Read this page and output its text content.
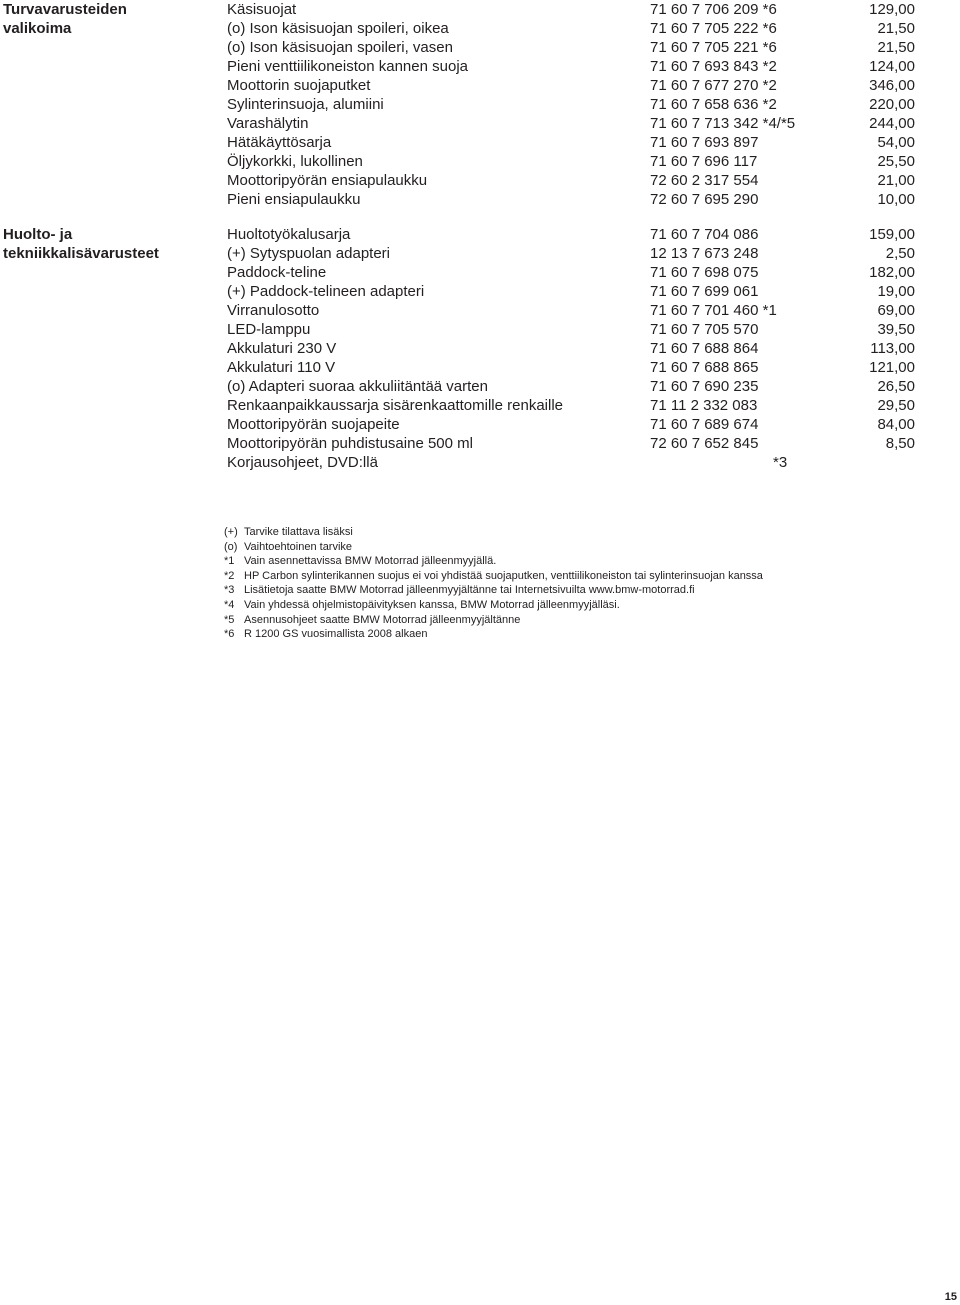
Turvavarusteiden
valikoima
Käsisuojat	71 60 7 706 209 *6	129,00
(o) Ison käsisuojan spoileri, oikea	71 60 7 705 222 *6	21,50
(o) Ison käsisuojan spoileri, vasen	71 60 7 705 221 *6	21,50
Pieni venttiilikoneiston kannen suoja	71 60 7 693 843 *2	124,00
Moottorin suojaputket	71 60 7 677 270 *2	346,00
Sylinterinsuoja, alumiini	71 60 7 658 636 *2	220,00
Varashälytin	71 60 7 713 342 *4/*5	244,00
Hätäkäyttösarja	71 60 7 693 897	54,00
Öljykorkki, lukollinen	71 60 7 696 117	25,50
Moottoripyörän ensiapulaukku	72 60 2 317 554	21,00
Pieni ensiapulaukku	72 60 7 695 290	10,00
Huolto- ja
tekniikkalisävarusteet
Huoltotyökalusarja	71 60 7 704 086	159,00
(+) Sytyspuolan adapteri	12 13 7 673 248	2,50
Paddock-teline	71 60 7 698 075	182,00
(+) Paddock-telineen adapteri	71 60 7 699 061	19,00
Virranulosotto	71 60 7 701 460 *1	69,00
LED-lamppu	71 60 7 705 570	39,50
Akkulaturi 230 V	71 60 7 688 864	113,00
Akkulaturi 110 V	71 60 7 688 865	121,00
(o) Adapteri suoraa akkuliitäntää varten	71 60 7 690 235	26,50
Renkaanpaikkaussarja sisärenkaattomille renkaille	71 11 2 332 083	29,50
Moottoripyörän suojapeite	71 60 7 689 674	84,00
Moottoripyörän puhdistusaine 500 ml	72 60 7 652 845	8,50
Korjausohjeet, DVD:llä	*3
(+) Tarvike tilattava lisäksi
(o) Vaihtoehtoinen tarvike
*1 Vain asennettavissa BMW Motorrad jälleenmyyjällä.
*2 HP Carbon sylinterikannen suojus ei voi yhdistää suojaputken, venttiilikoneiston tai sylinterinsuojan kanssa
*3 Lisätietoja saatte BMW Motorrad jälleenmyyjältänne tai Internetsivuilta www.bmw-motorrad.fi
*4 Vain yhdessä ohjelmistopäivityksen kanssa, BMW Motorrad jälleenmyyjälläsi.
*5 Asennusohjeet saatte BMW Motorrad jälleenmyyjältänne
*6 R 1200 GS vuosimallista 2008 alkaen
15
